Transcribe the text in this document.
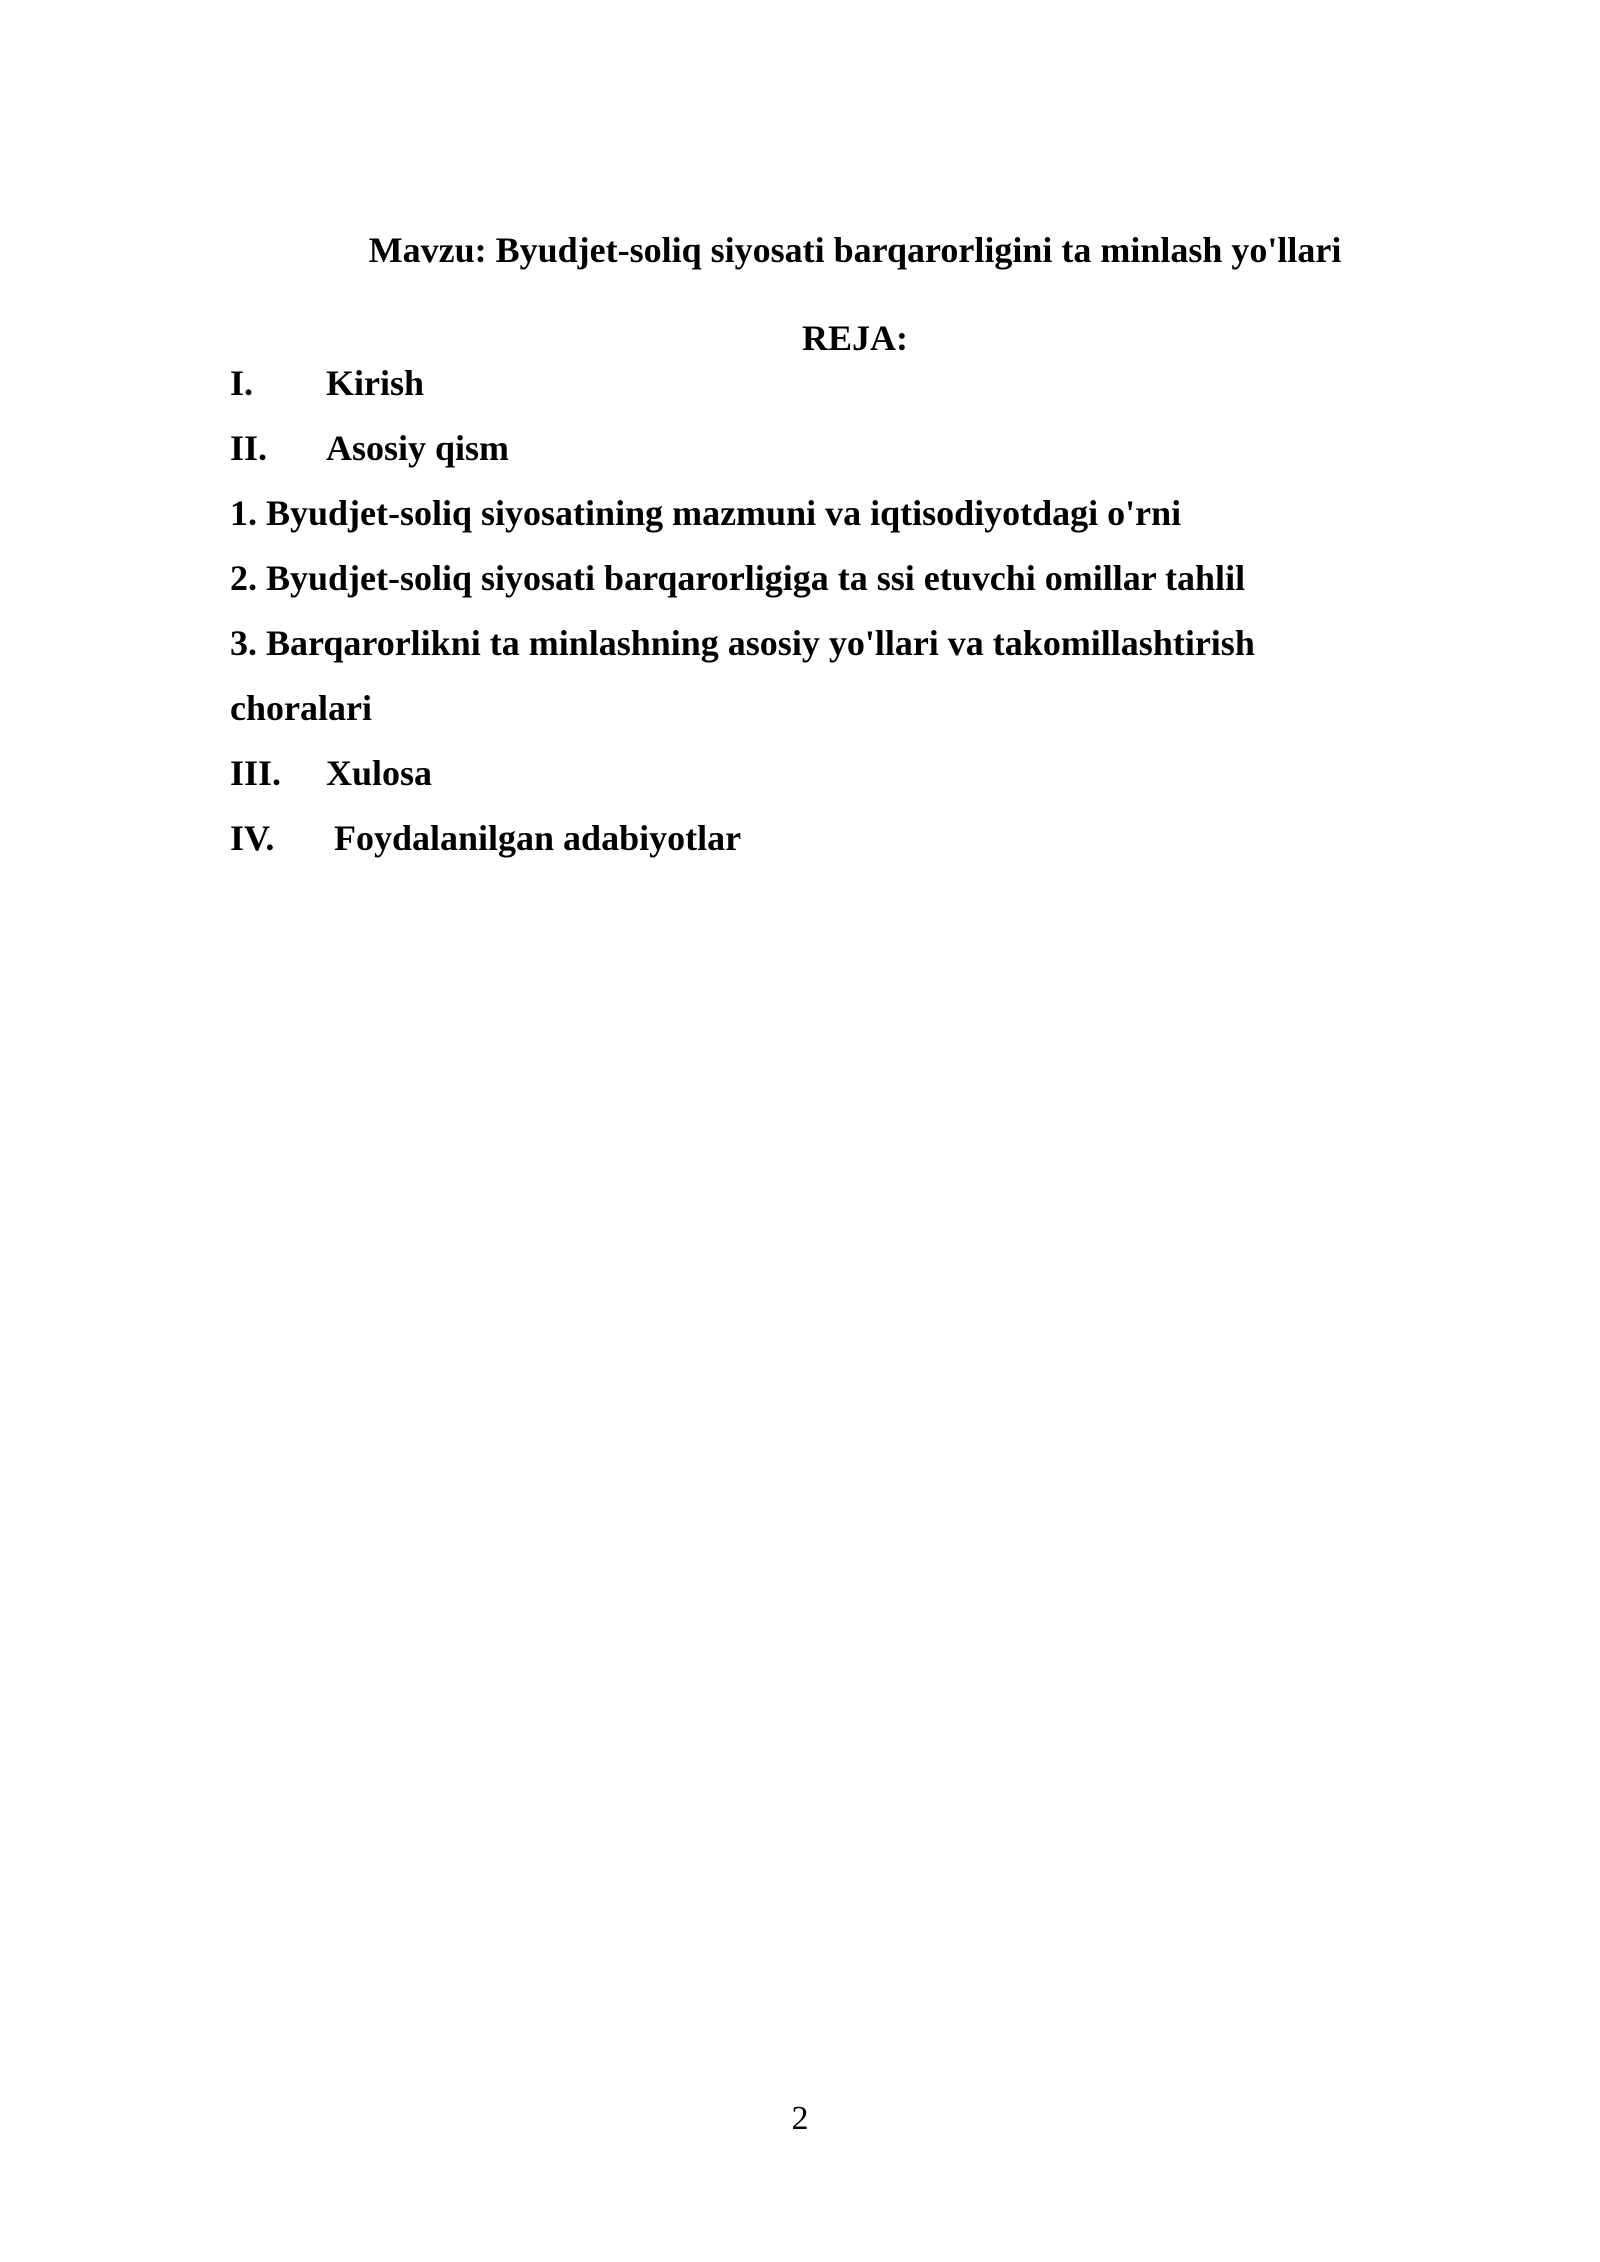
Mavzu: Byudjet-soliq siyosati barqarorligini ta minlash yo'llari
REJA:
I. Kirish
II. Asosiy qism
1. Byudjet-soliq siyosatining mazmuni va iqtisodiyotdagi o'rni
2. Byudjet-soliq siyosati barqarorligiga ta ssi etuvchi omillar tahlil
3. Barqarorlikni ta minlashning asosiy yo'llari va takomillashtirish
choralari
III. Xulosa
IV. Foydalanilgan adabiyotlar
2
